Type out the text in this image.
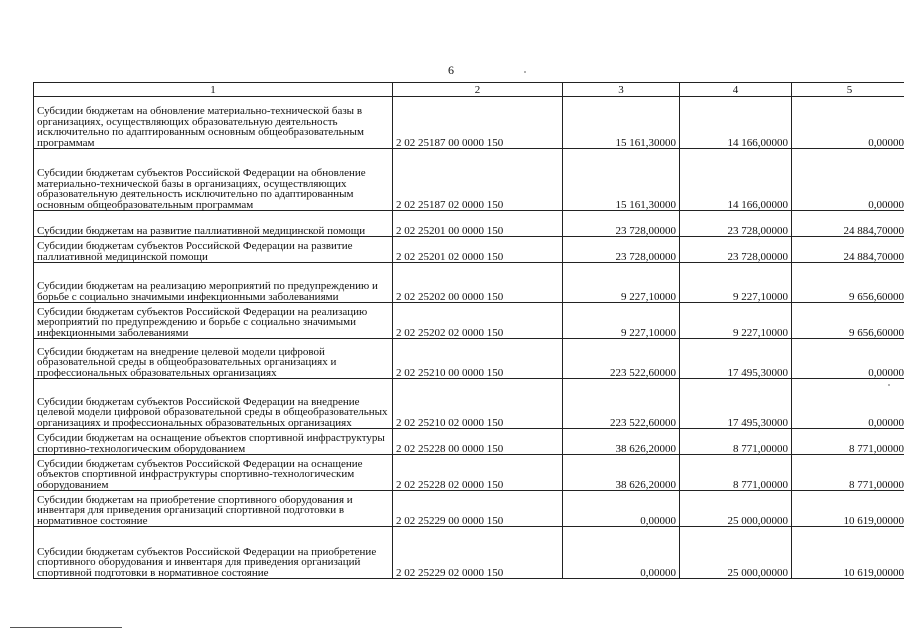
6
1	2	3	4	5
Субсидии бюджетам на обновление материально-технической базы в организациях, осуществляющих образовательную деятельность исключительно по адаптированным основным общеобразовательным программам	2 02 25187 00 0000 150	15 161,30000	14 166,00000	0,00000
Субсидии бюджетам субъектов Российской Федерации на обновление материально-технической базы в организациях, осуществляющих образовательную деятельность исключительно по адаптированным основным общеобразовательным программам	2 02 25187 02 0000 150	15 161,30000	14 166,00000	0,00000
Субсидии бюджетам на развитие паллиативной медицинской помощи	2 02 25201 00 0000 150	23 728,00000	23 728,00000	24 884,70000
Субсидии бюджетам субъектов Российской Федерации на развитие паллиативной медицинской помощи	2 02 25201 02 0000 150	23 728,00000	23 728,00000	24 884,70000
Субсидии бюджетам на реализацию мероприятий по предупреждению и борьбе с социально значимыми инфекционными заболеваниями	2 02 25202 00 0000 150	9 227,10000	9 227,10000	9 656,60000
Субсидии бюджетам субъектов Российской Федерации на реализацию мероприятий по предупреждению и борьбе с социально значимыми инфекционными заболеваниями	2 02 25202 02 0000 150	9 227,10000	9 227,10000	9 656,60000
Субсидии бюджетам на внедрение целевой модели цифровой образовательной среды в общеобразовательных организациях и профессиональных образовательных организациях	2 02 25210 00 0000 150	223 522,60000	17 495,30000	0,00000
Субсидии бюджетам субъектов Российской Федерации на внедрение целевой модели цифровой образовательной среды в общеобразовательных организациях и профессиональных образовательных организациях	2 02 25210 02 0000 150	223 522,60000	17 495,30000	0,00000
Субсидии бюджетам на оснащение объектов спортивной инфраструктуры спортивно-технологическим оборудованием	2 02 25228 00 0000 150	38 626,20000	8 771,00000	8 771,00000
Субсидии бюджетам субъектов Российской Федерации на оснащение объектов спортивной инфраструктуры спортивно-технологическим оборудованием	2 02 25228 02 0000 150	38 626,20000	8 771,00000	8 771,00000
Субсидии бюджетам на приобретение спортивного оборудования и инвентаря для приведения организаций спортивной подготовки в нормативное состояние	2 02 25229 00 0000 150	0,00000	25 000,00000	10 619,00000
Субсидии бюджетам субъектов Российской Федерации на приобретение спортивного оборудования и инвентаря для приведения организаций спортивной подготовки в нормативное состояние	2 02 25229 02 0000 150	0,00000	25 000,00000	10 619,00000
